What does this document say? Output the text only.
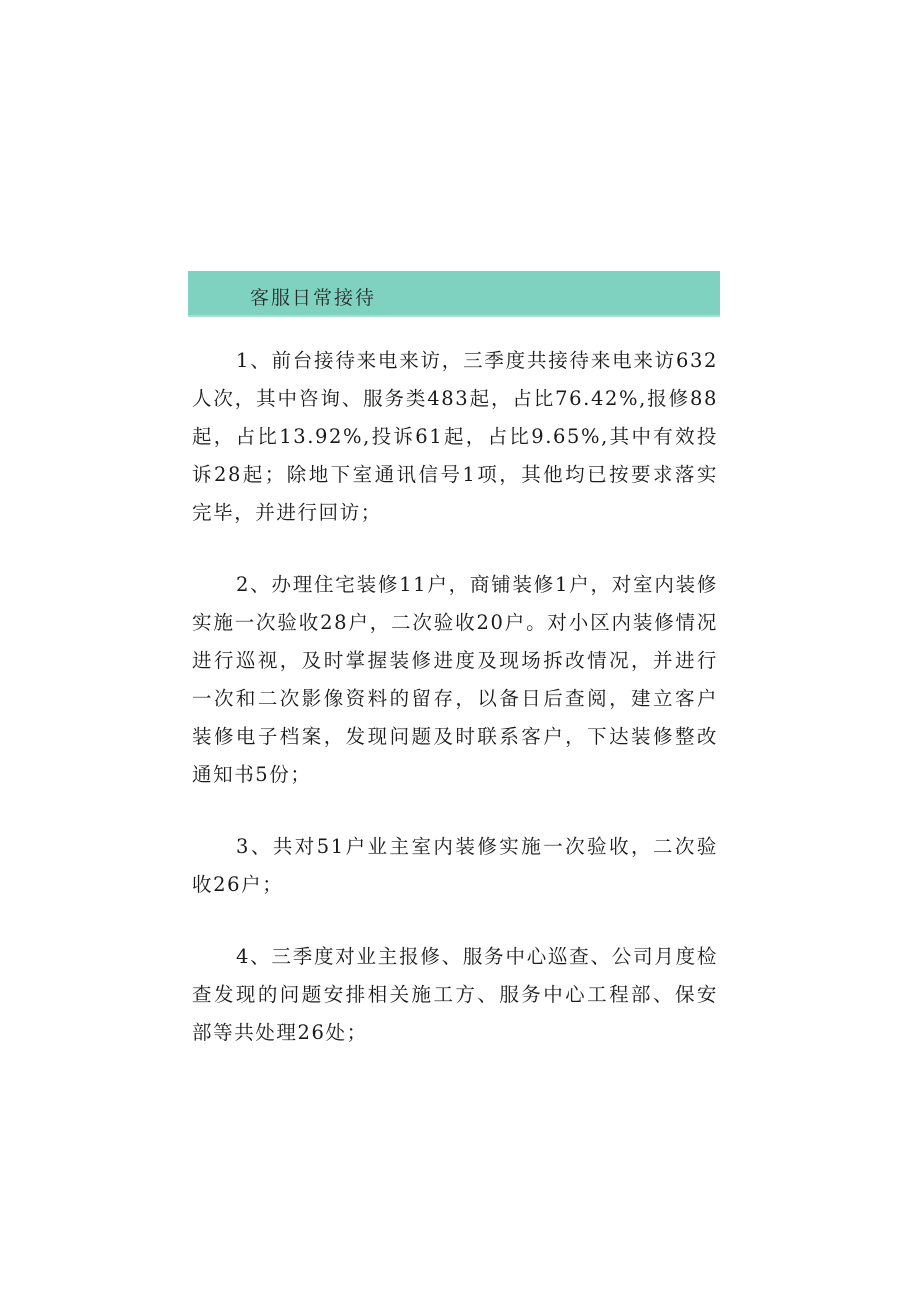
客服日常接待

1、前台接待来电来访，三季度共接待来电来访632人次，其中咨询、服务类483起，占比76.42%,报修88起，占比13.92%,投诉61起，占比9.65%,其中有效投诉28起；除地下室通讯信号1项，其他均已按要求落实完毕，并进行回访；

2、办理住宅装修11户，商铺装修1户，对室内装修实施一次验收28户，二次验收20户。对小区内装修情况进行巡视，及时掌握装修进度及现场拆改情况，并进行一次和二次影像资料的留存，以备日后查阅，建立客户装修电子档案，发现问题及时联系客户，下达装修整改通知书5份；

3、共对51户业主室内装修实施一次验收，二次验收26户；

4、三季度对业主报修、服务中心巡查、公司月度检查发现的问题安排相关施工方、服务中心工程部、保安部等共处理26处；
